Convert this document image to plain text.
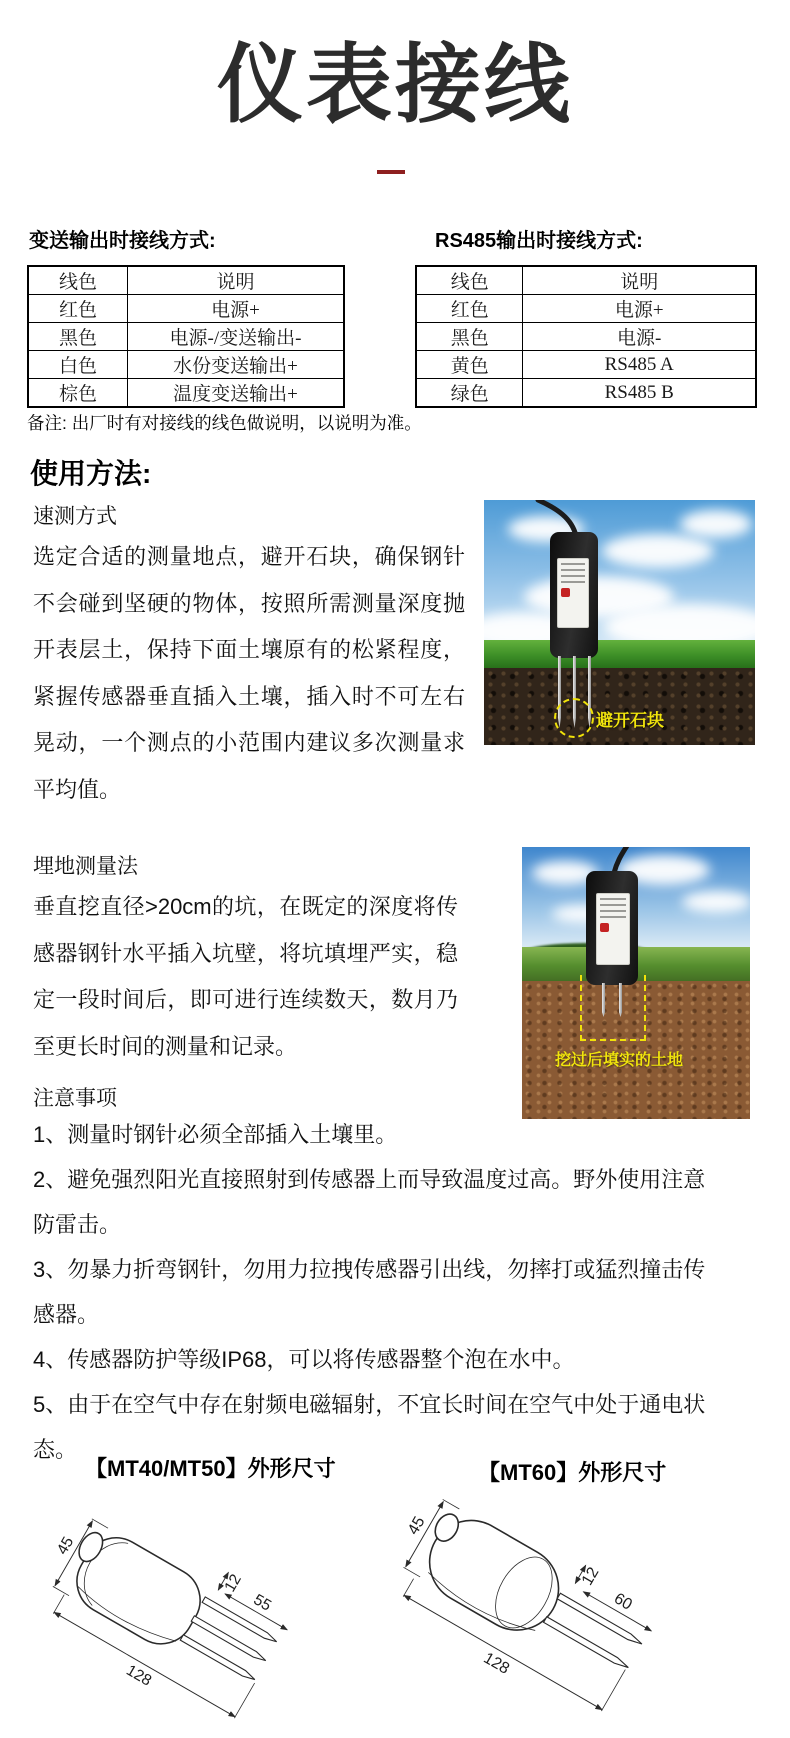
仪表接线
变送输出时接线方式:
线色	说明
红色	电源+
黑色	电源-/变送输出-
白色	水份变送输出+
棕色	温度变送输出+
RS485输出时接线方式:
线色	说明
红色	电源+
黑色	电源-
黄色	RS485 A
绿色	RS485 B
备注: 出厂时有对接线的线色做说明，以说明为准。
使用方法:
速测方式
选定合适的测量地点，避开石块，确保钢针不会碰到坚硬的物体，按照所需测量深度抛开表层土，保持下面土壤原有的松紧程度，紧握传感器垂直插入土壤，插入时不可左右晃动，一个测点的小范围内建议多次测量求平均值。
避开石块
埋地测量法
垂直挖直径>20cm的坑，在既定的深度将传感器钢针水平插入坑壁，将坑填埋严实，稳定一段时间后，即可进行连续数天，数月乃至更长时间的测量和记录。
挖过后填实的土地
注意事项

1、测量时钢针必须全部插入土壤里。

2、避免强烈阳光直接照射到传感器上而导致温度过高。野外使用注意防雷击。

3、勿暴力折弯钢针，勿用力拉拽传感器引出线，勿摔打或猛烈撞击传感器。

4、传感器防护等级IP68，可以将传感器整个泡在水中。

5、由于在空气中存在射频电磁辐射，不宜长时间在空气中处于通电状态。

【MT40/MT50】外形尺寸	【MT60】外形尺寸
45
12
55
128
45
12
60
128
